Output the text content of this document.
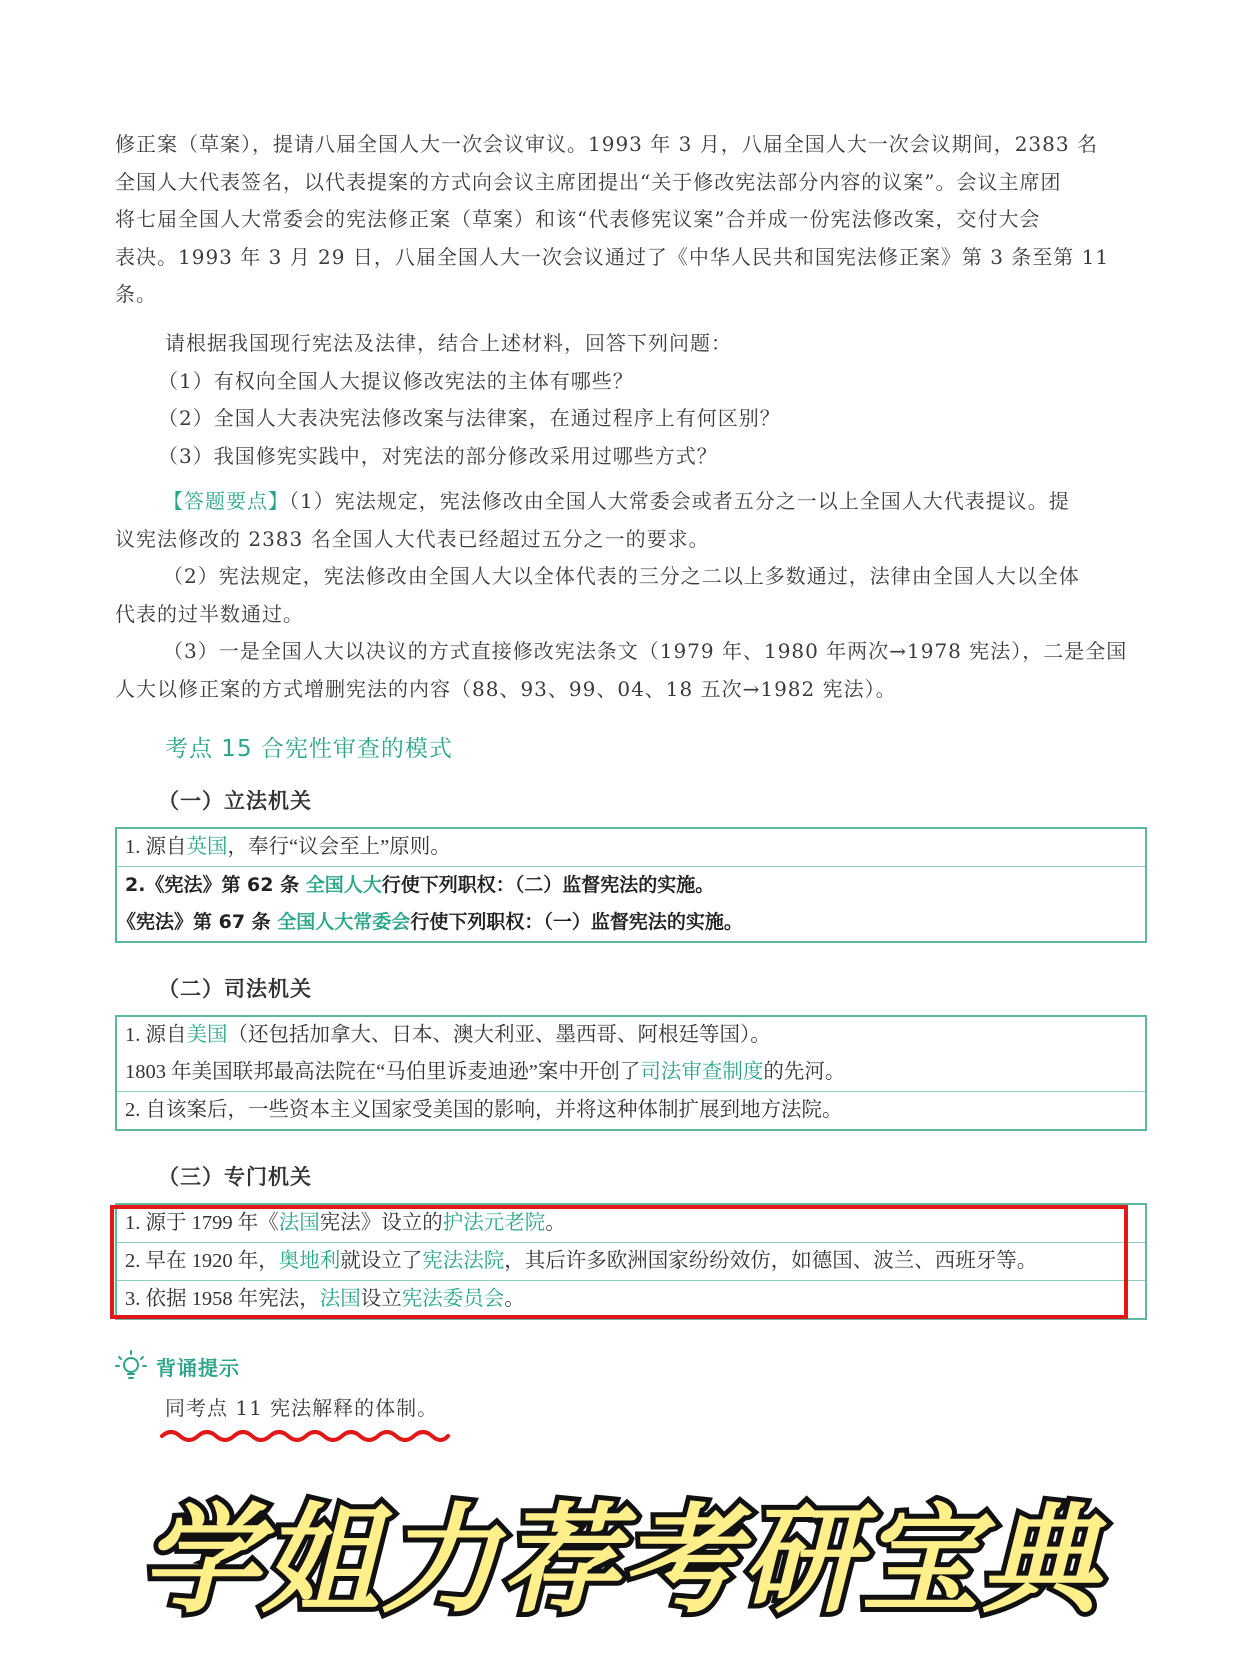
修正案（草案），提请八届全国人大一次会议审议。1993 年 3 月，八届全国人大一次会议期间，2383 名
全国人大代表签名，以代表提案的方式向会议主席团提出“关于修改宪法部分内容的议案”。会议主席团
将七届全国人大常委会的宪法修正案（草案）和该“代表修宪议案”合并成一份宪法修改案，交付大会
表决。1993 年 3 月 29 日，八届全国人大一次会议通过了《中华人民共和国宪法修正案》第 3 条至第 11
条。
请根据我国现行宪法及法律，结合上述材料，回答下列问题：
（1）有权向全国人大提议修改宪法的主体有哪些？
（2）全国人大表决宪法修改案与法律案，在通过程序上有何区别？
（3）我国修宪实践中，对宪法的部分修改采用过哪些方式？
【答题要点】（1）宪法规定，宪法修改由全国人大常委会或者五分之一以上全国人大代表提议。提
议宪法修改的 2383 名全国人大代表已经超过五分之一的要求。
（2）宪法规定，宪法修改由全国人大以全体代表的三分之二以上多数通过，法律由全国人大以全体
代表的过半数通过。
（3）一是全国人大以决议的方式直接修改宪法条文（1979 年、1980 年两次→1978 宪法），二是全国
人大以修正案的方式增删宪法的内容（88、93、99、04、18 五次→1982 宪法）。
考点 15 合宪性审查的模式
（一）立法机关
1. 源自英国，奉行“议会至上”原则。
2.《宪法》第 62 条 全国人大行使下列职权：（二）监督宪法的实施。
《宪法》第 67 条 全国人大常委会行使下列职权：（一）监督宪法的实施。
（二）司法机关
1. 源自美国（还包括加拿大、日本、澳大利亚、墨西哥、阿根廷等国）。
1803 年美国联邦最高法院在“马伯里诉麦迪逊”案中开创了司法审查制度的先河。
2. 自该案后，一些资本主义国家受美国的影响，并将这种体制扩展到地方法院。
（三）专门机关
1. 源于 1799 年《法国宪法》设立的护法元老院。
2. 早在 1920 年，奥地利就设立了宪法法院，其后许多欧洲国家纷纷效仿，如德国、波兰、西班牙等。
3. 依据 1958 年宪法，法国设立宪法委员会。
背诵提示
同考点 11 宪法解释的体制。
学姐力荐考研宝典
